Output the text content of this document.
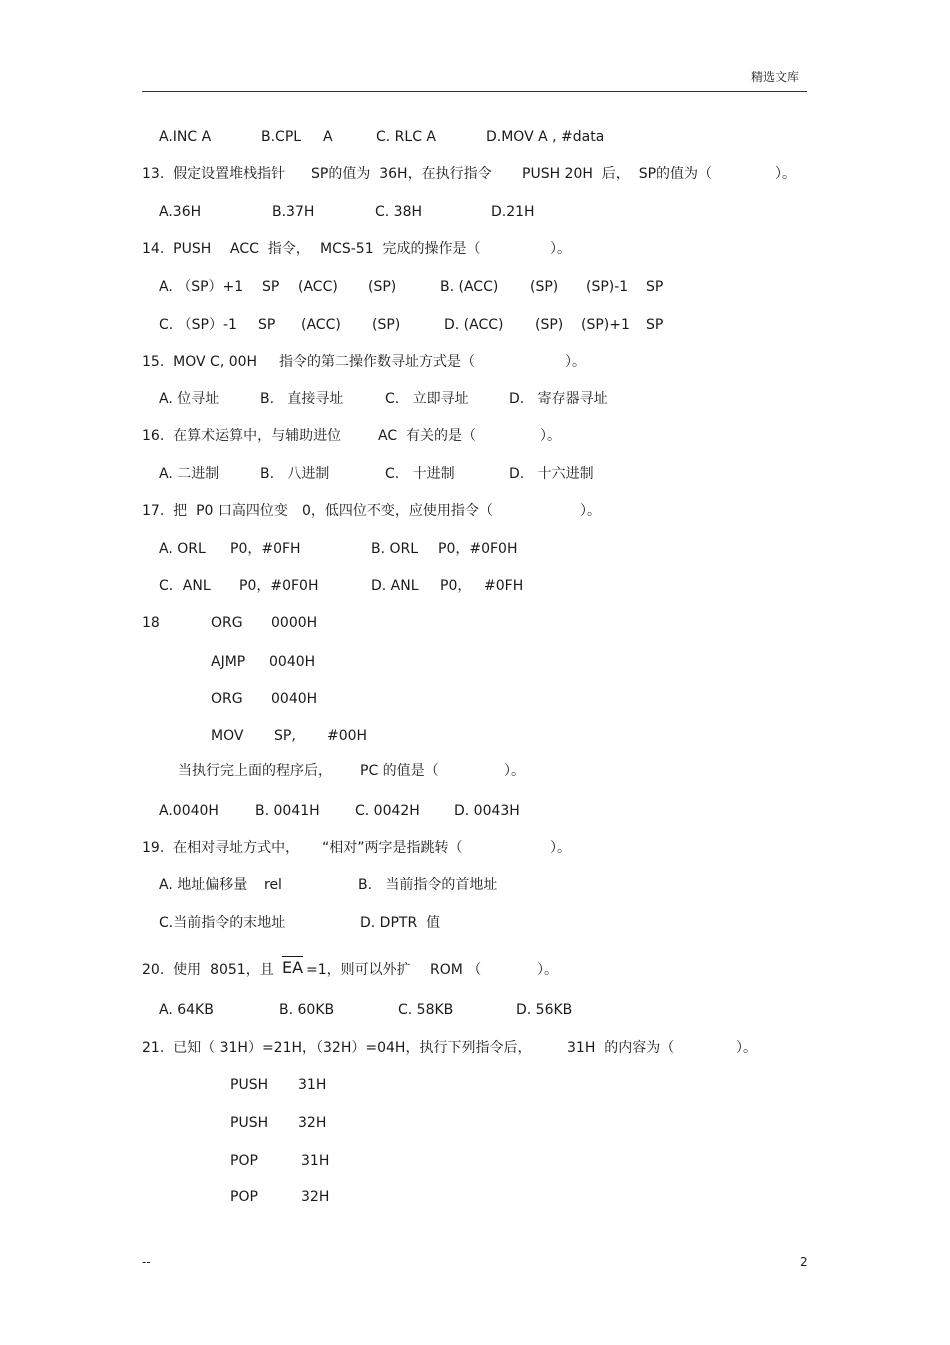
精选文库
A.INC A	B.CPL A	C. RLC A	D.MOV A , #data
13.  假定设置堆栈指针 SP的值为  36H，在执行指令 PUSH 20H  后，  SP的值为（	）。
A.36H	B.37H	C. 38H	D.21H
14.  PUSH ACC  指令， MCS-51  完成的操作是（	）。
A. （SP）+1 SP (ACC) (SP)	B. (ACC) (SP) (SP)-1 SP
C. （SP）-1 SP (ACC) (SP)	D. (ACC) (SP) (SP)+1 SP
15.  MOV C, 00H 指令的第二操作数寻址方式是（	）。
A. 位寻址	B.   直接寻址	C.   立即寻址	D.   寄存器寻址
16.  在算术运算中，与辅助进位	AC  有关的是（	）。
A. 二进制	B.   八进制	C.   十进制	D.   十六进制
17.  把  P0 口高四位变 0，低四位不变，应使用指令（	）。
A. ORL P0，#0FH	B. ORL P0，#0F0H
C．ANL P0，#0F0H	D. ANL P0， #0FH
18	ORG 0000H
AJMP 0040H
ORG 0040H
MOV SP, #00H
当执行完上面的程序后， PC 的值是（	）。
A.0040H	B. 0041H	C. 0042H D. 0043H
19.  在相对寻址方式中， “相对”两字是指跳转（	）。
A. 地址偏移量 rel	B.   当前指令的首地址
C.当前指令的末地址	D. DPTR  值
20.  使用  8051，且 EA =1，则可以外扩 ROM （	）。
A. 64KB	B. 60KB	C. 58KB	D. 56KB
21.  已知（ 31H）=21H，（32H）=04H，执行下列指令后，	31H  的内容为（	）。
PUSH 31H
PUSH 32H
POP	31H
POP	32H
--	2
